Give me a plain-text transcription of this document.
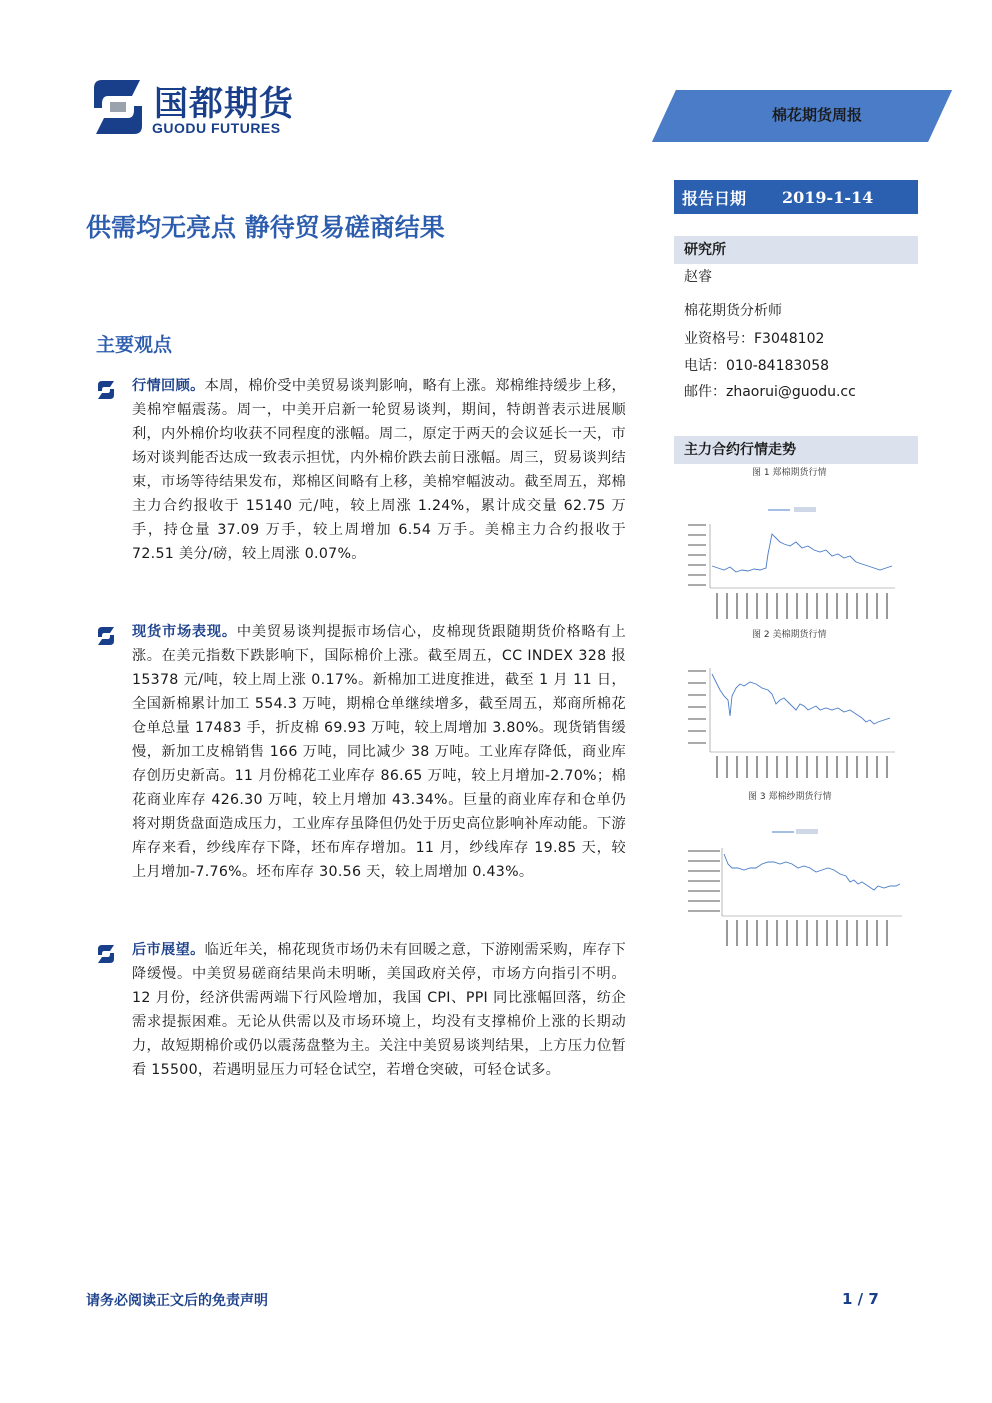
国都期货
GUODU FUTURES
棉花期货周报
报告日期 2019-1-14
供需均无亮点 静待贸易磋商结果
研究所
赵睿
棉花期货分析师
业资格号：F3048102
电话：010-84183058
邮件：zhaorui@guodu.cc
主力合约行情走势
图 1 郑棉期货行情
图 2 美棉期货行情
图 3 郑棉纱期货行情
主要观点

行情回顾。本周，棉价受中美贸易谈判影响，略有上涨。郑棉维持缓步上移，美棉窄幅震荡。周一，中美开启新一轮贸易谈判，期间，特朗普表示进展顺利，内外棉价均收获不同程度的涨幅。周二，原定于两天的会议延长一天，市场对谈判能否达成一致表示担忧，内外棉价跌去前日涨幅。周三，贸易谈判结束，市场等待结果发布，郑棉区间略有上移，美棉窄幅波动。截至周五，郑棉主力合约报收于 15140 元/吨，较上周涨 1.24%，累计成交量 62.75 万手，持仓量 37.09 万手，较上周增加 6.54 万手。美棉主力合约报收于 72.51 美分/磅，较上周涨 0.07%。

现货市场表现。中美贸易谈判提振市场信心，皮棉现货跟随期货价格略有上涨。在美元指数下跌影响下，国际棉价上涨。截至周五，CC INDEX 328 报 15378 元/吨，较上周上涨 0.17%。新棉加工进度推进，截至 1 月 11 日，全国新棉累计加工 554.3 万吨，期棉仓单继续增多，截至周五，郑商所棉花仓单总量 17483 手，折皮棉 69.93 万吨，较上周增加 3.80%。现货销售缓慢，新加工皮棉销售 166 万吨，同比减少 38 万吨。工业库存降低，商业库存创历史新高。11 月份棉花工业库存 86.65 万吨，较上月增加-2.70%；棉花商业库存 426.30 万吨，较上月增加 43.34%。巨量的商业库存和仓单仍将对期货盘面造成压力，工业库存虽降但仍处于历史高位影响补库动能。下游库存来看，纱线库存下降，坯布库存增加。11 月，纱线库存 19.85 天，较上月增加-7.76%。坯布库存 30.56 天，较上周增加 0.43%。

后市展望。临近年关，棉花现货市场仍未有回暖之意，下游刚需采购，库存下降缓慢。中美贸易磋商结果尚未明晰，美国政府关停，市场方向指引不明。12 月份，经济供需两端下行风险增加，我国 CPI、PPI 同比涨幅回落，纺企需求提振困难。无论从供需以及市场环境上，均没有支撑棉价上涨的长期动力，故短期棉价或仍以震荡盘整为主。关注中美贸易谈判结果，上方压力位暂看 15500，若遇明显压力可轻仓试空，若增仓突破，可轻仓试多。

请务必阅读正文后的免责声明	1 / 7
